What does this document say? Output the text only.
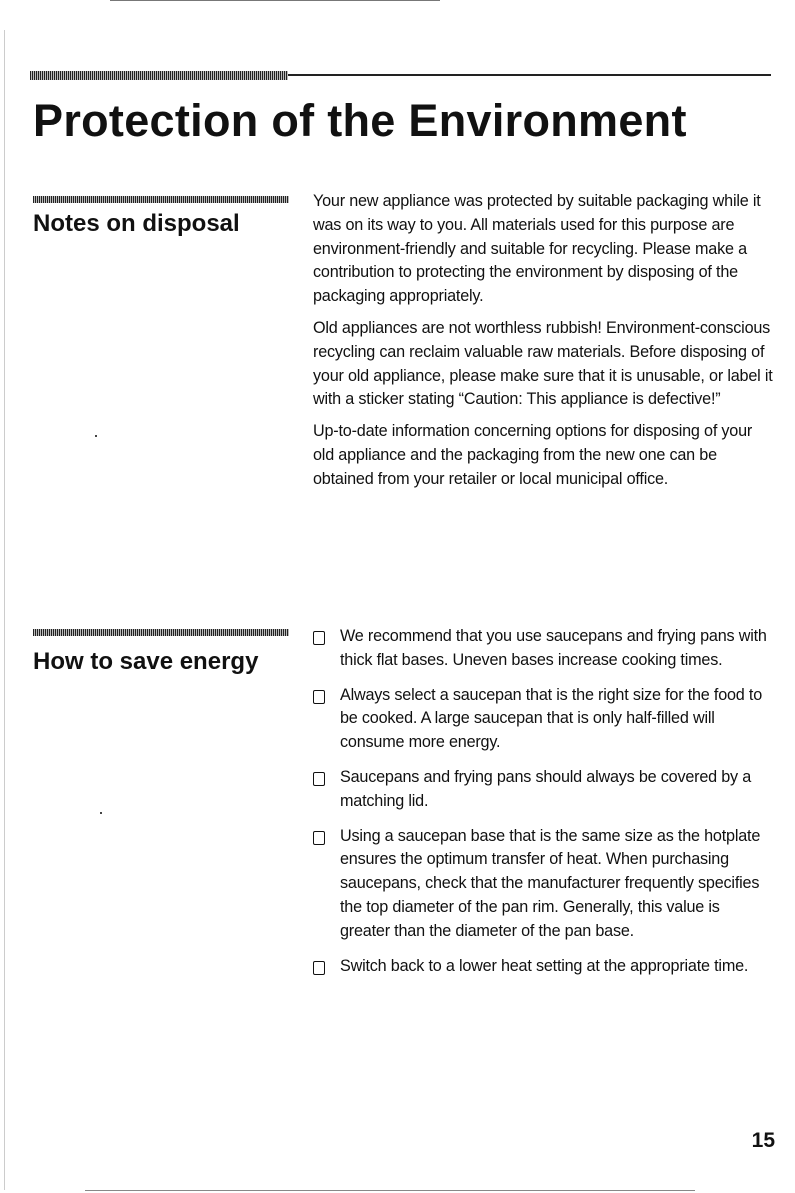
Protection of the Environment
Notes on disposal

Your new appliance was protected by suitable packaging while it was on its way to you. All materials used for this purpose are environment-friendly and suitable for recycling. Please make a contribution to protecting the environment by disposing of the packaging appropriately.

Old appliances are not worthless rubbish! Environment-conscious recycling can reclaim valuable raw materials. Before disposing of your old appliance, please make sure that it is unusable, or label it with a sticker stating “Caution: This appliance is defective!”

Up-to-date information concerning options for disposing of your old appliance and the packaging from the new one can be obtained from your retailer or local municipal office.

How to save energy
We recommend that you use saucepans and frying pans with thick flat bases. Uneven bases increase cooking times.
Always select a saucepan that is the right size for the food to be cooked. A large saucepan that is only half-filled will consume more energy.
Saucepans and frying pans should always be covered by a matching lid.
Using a saucepan base that is the same size as the hotplate ensures the optimum transfer of heat. When purchasing saucepans, check that the manufacturer frequently specifies the top diameter of the pan rim. Generally, this value is greater than the diameter of the pan base.
Switch back to a lower heat setting at the appropriate time.
15
